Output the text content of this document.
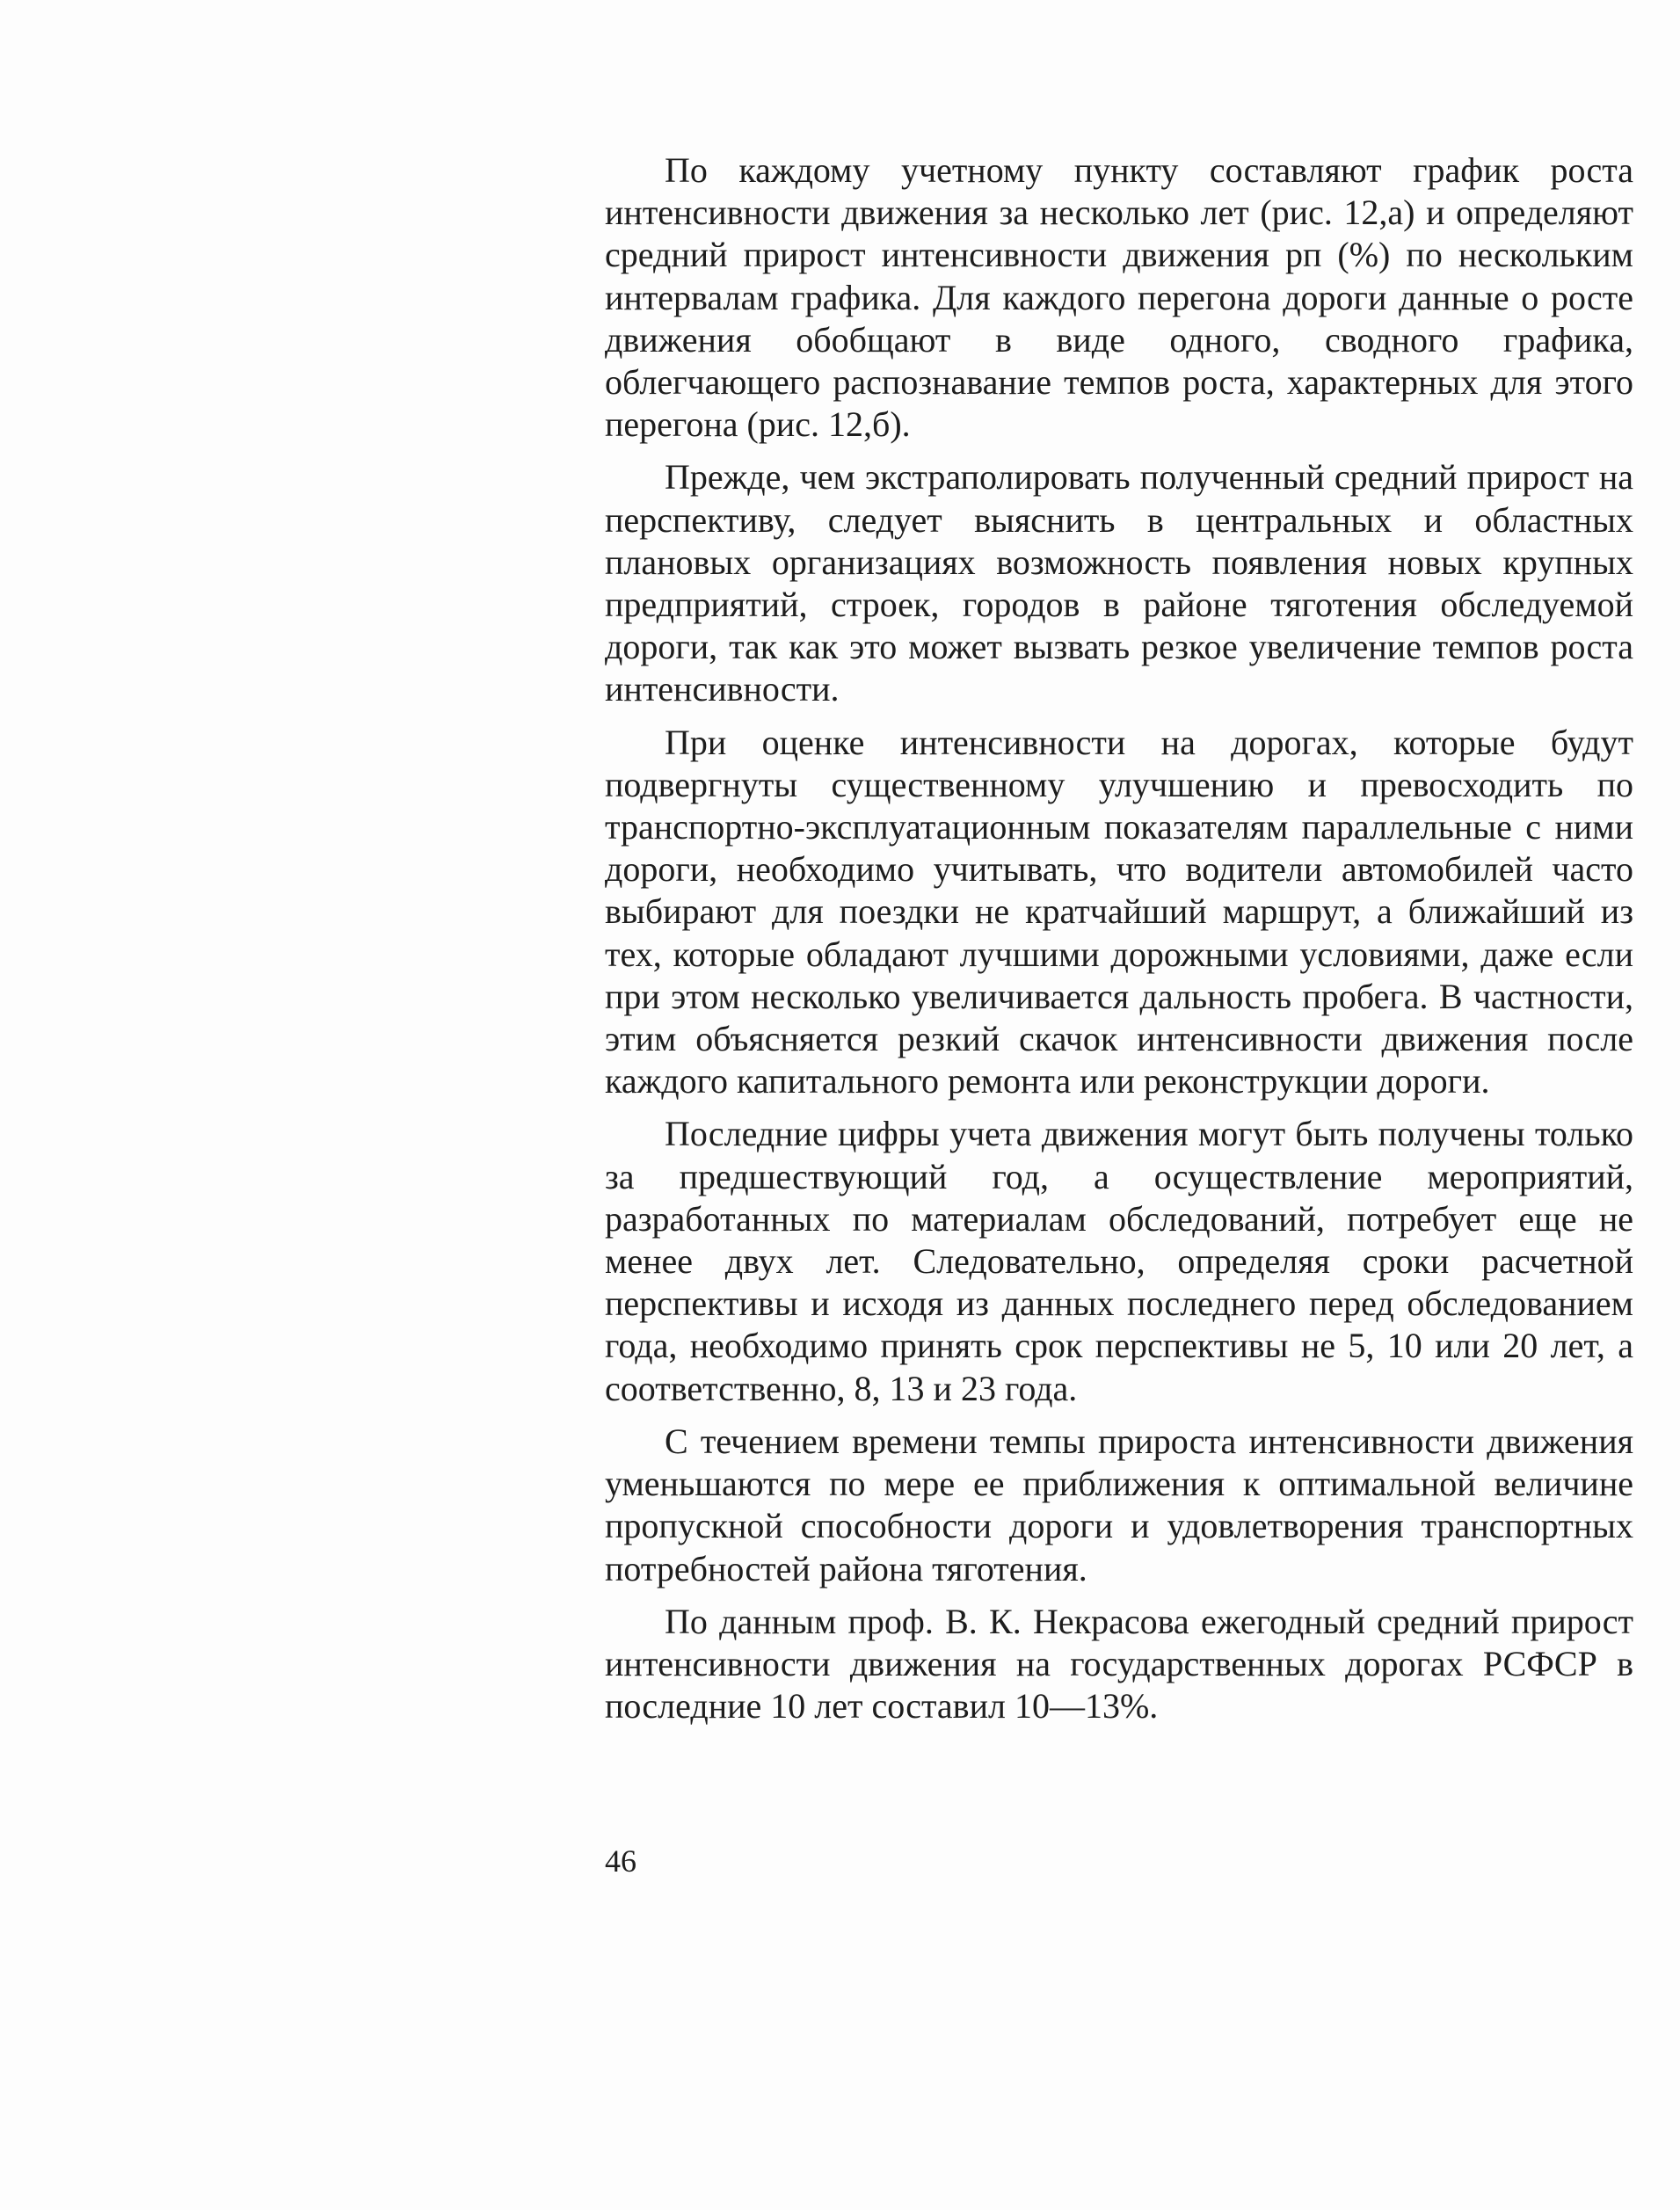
По каждому учетному пункту составляют график роста интенсивности движения за несколько лет (рис. 12,а) и определяют средний прирост интенсивности движения pп (%) по нескольким интервалам графика. Для каждого перегона дороги данные о росте движения обобщают в виде одного, сводного графика, облегчающего распознавание темпов роста, характерных для этого перегона (рис. 12,б).

Прежде, чем экстраполировать полученный средний прирост на перспективу, следует выяснить в центральных и областных плановых организациях возможность появления новых крупных предприятий, строек, городов в районе тяготения обследуемой дороги, так как это может вызвать резкое увеличение темпов роста интенсивности.

При оценке интенсивности на дорогах, которые будут подвергнуты существенному улучшению и превосходить по транспортно-эксплуатационным показателям параллельные с ними дороги, необходимо учитывать, что водители автомобилей часто выбирают для поездки не кратчайший маршрут, а ближайший из тех, которые обладают лучшими дорожными условиями, даже если при этом несколько увеличивается дальность пробега. В частности, этим объясняется резкий скачок интенсивности движения после каждого капитального ремонта или реконструкции дороги.

Последние цифры учета движения могут быть получены только за предшествующий год, а осуществление мероприятий, разработанных по материалам обследований, потребует еще не менее двух лет. Следовательно, определяя сроки расчетной перспективы и исходя из данных последнего перед обследованием года, необходимо принять срок перспективы не 5, 10 или 20 лет, а соответственно, 8, 13 и 23 года.

С течением времени темпы прироста интенсивности движения уменьшаются по мере ее приближения к оптимальной величине пропускной способности дороги и удовлетворения транспортных потребностей района тяготения.

По данным проф. В. К. Некрасова ежегодный средний прирост интенсивности движения на государственных дорогах РСФСР в последние 10 лет составил 10—13%.

46
